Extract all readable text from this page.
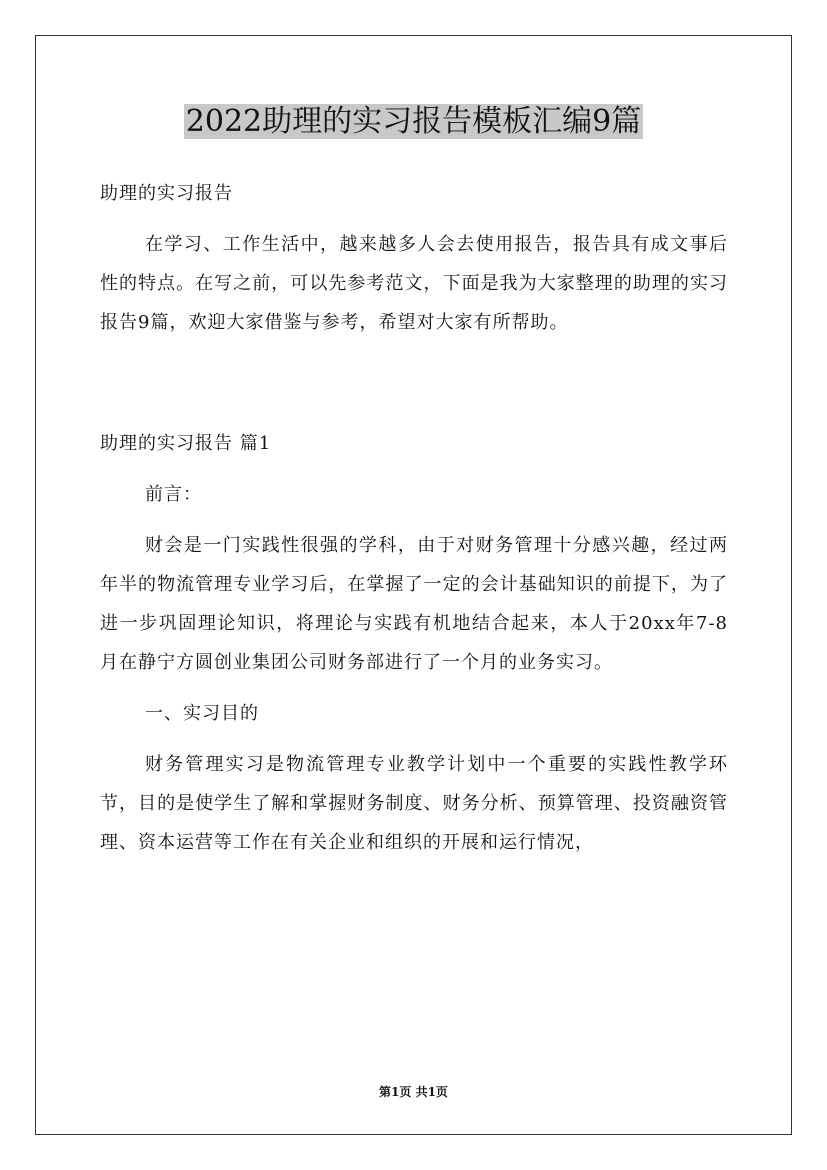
2022助理的实习报告模板汇编9篇

助理的实习报告

在学习、工作生活中，越来越多人会去使用报告，报告具有成文事后性的特点。在写之前，可以先参考范文，下面是我为大家整理的助理的实习报告9篇，欢迎大家借鉴与参考，希望对大家有所帮助。

助理的实习报告 篇1

前言：

财会是一门实践性很强的学科，由于对财务管理十分感兴趣，经过两年半的物流管理专业学习后，在掌握了一定的会计基础知识的前提下，为了进一步巩固理论知识，将理论与实践有机地结合起来，本人于20xx年7-8月在静宁方圆创业集团公司财务部进行了一个月的业务实习。

一、实习目的

财务管理实习是物流管理专业教学计划中一个重要的实践性教学环节，目的是使学生了解和掌握财务制度、财务分析、预算管理、投资融资管理、资本运营等工作在有关企业和组织的开展和运行情况，

第1页 共1页
